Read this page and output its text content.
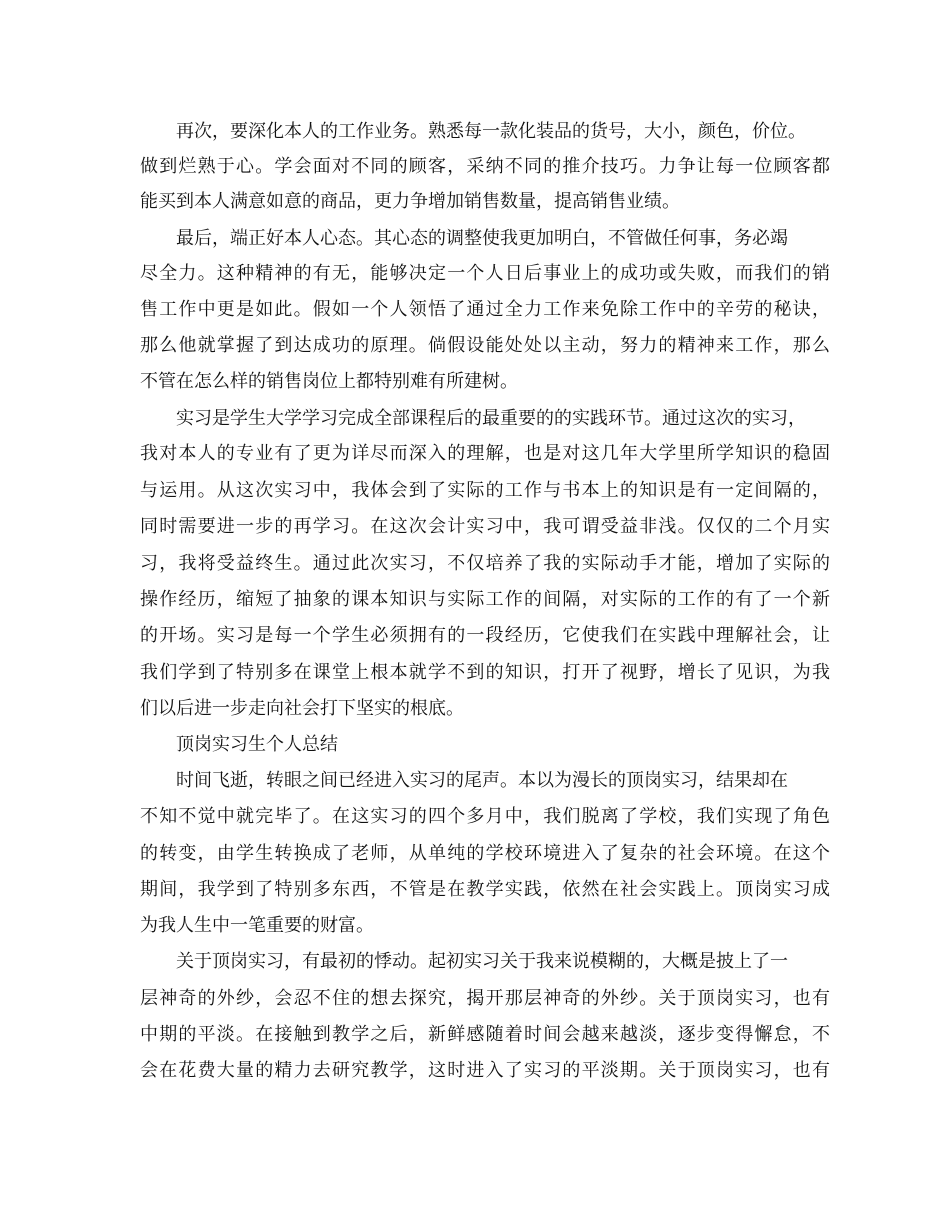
再次，要深化本人的工作业务。熟悉每一款化装品的货号，大小，颜色，价位。
做到烂熟于心。学会面对不同的顾客，采纳不同的推介技巧。力争让每一位顾客都
能买到本人满意如意的商品，更力争增加销售数量，提高销售业绩。
最后，端正好本人心态。其心态的调整使我更加明白，不管做任何事，务必竭
尽全力。这种精神的有无，能够决定一个人日后事业上的成功或失败，而我们的销
售工作中更是如此。假如一个人领悟了通过全力工作来免除工作中的辛劳的秘诀，
那么他就掌握了到达成功的原理。倘假设能处处以主动，努力的精神来工作，那么
不管在怎么样的销售岗位上都特别难有所建树。
实习是学生大学学习完成全部课程后的最重要的的实践环节。通过这次的实习，
我对本人的专业有了更为详尽而深入的理解，也是对这几年大学里所学知识的稳固
与运用。从这次实习中，我体会到了实际的工作与书本上的知识是有一定间隔的，
同时需要进一步的再学习。在这次会计实习中，我可谓受益非浅。仅仅的二个月实
习，我将受益终生。通过此次实习，不仅培养了我的实际动手才能，增加了实际的
操作经历，缩短了抽象的课本知识与实际工作的间隔，对实际的工作的有了一个新
的开场。实习是每一个学生必须拥有的一段经历，它使我们在实践中理解社会，让
我们学到了特别多在课堂上根本就学不到的知识，打开了视野，增长了见识，为我
们以后进一步走向社会打下坚实的根底。
顶岗实习生个人总结
时间飞逝，转眼之间已经进入实习的尾声。本以为漫长的顶岗实习，结果却在
不知不觉中就完毕了。在这实习的四个多月中，我们脱离了学校，我们实现了角色
的转变，由学生转换成了老师，从单纯的学校环境进入了复杂的社会环境。在这个
期间，我学到了特别多东西，不管是在教学实践，依然在社会实践上。顶岗实习成
为我人生中一笔重要的财富。
关于顶岗实习，有最初的悸动。起初实习关于我来说模糊的，大概是披上了一
层神奇的外纱，会忍不住的想去探究，揭开那层神奇的外纱。关于顶岗实习，也有
中期的平淡。在接触到教学之后，新鲜感随着时间会越来越淡，逐步变得懈怠，不
会在花费大量的精力去研究教学，这时进入了实习的平淡期。关于顶岗实习，也有
